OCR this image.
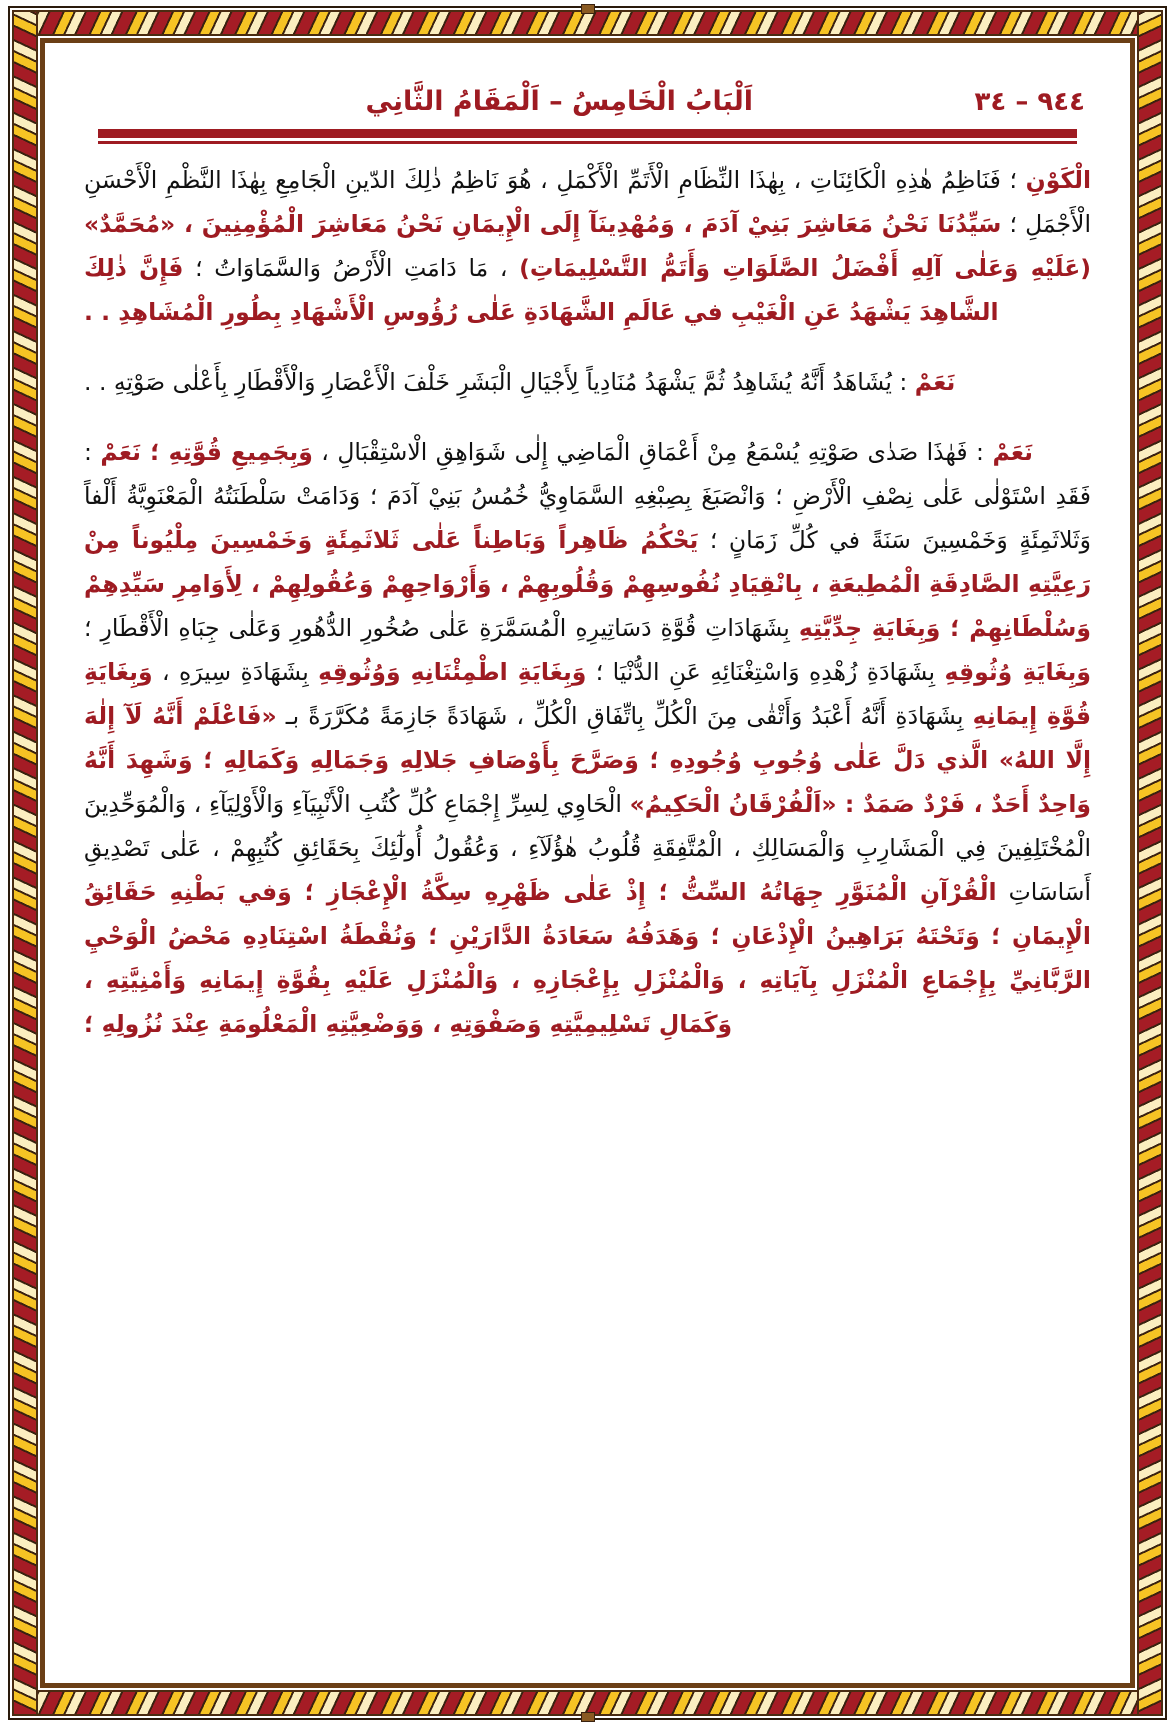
اَلْبَابُ الْخَامِسُ – اَلْمَقَامُ الثَّانِي	٤٤٩ – ٤٣

الْكَوْنِ ؛ فَنَاظِمُ هٰذِهِ الْكَائِنَاتِ ، بِهٰذَا النِّظَامِ الْأَتَمِّ الْأَكْمَلِ ، هُوَ نَاظِمُ ذٰلِكَ الدّينِ الْجَامِعِ بِهٰذَا النَّظْمِ الْأَحْسَنِ الْأَجْمَلِ ؛ سَيِّدُنَا نَحْنُ مَعَاشِرَ بَنِيْ آدَمَ ، وَمُهْدِينَآ إِلَى الْإِيمَانِ نَحْنُ مَعَاشِرَ الْمُؤْمِنِينَ ، «مُحَمَّدٌ» (عَلَيْهِ وَعَلٰى آلِهِ أَفْضَلُ الصَّلَوَاتِ وَأَتَمُّ التَّسْلِيمَاتِ) ، مَا دَامَتِ الْأَرْضُ وَالسَّمَاوَاتُ ؛ فَإِنَّ ذٰلِكَ الشَّاهِدَ يَشْهَدُ عَنِ الْغَيْبِ في عَالَمِ الشَّهَادَةِ عَلٰى رُؤُوسِ الْأَشْهَادِ بِطُورِ الْمُشَاهِدِ . .

نَعَمْ : يُشَاهَدُ أَنَّهُ يُشَاهِدُ ثُمَّ يَشْهَدُ مُنَادِياً لِأَجْيَالِ الْبَشَرِ خَلْفَ الْأَعْصَارِ وَالْأَقْطَارِ بِأَعْلٰى صَوْتِهِ . .

نَعَمْ : فَهٰذَا صَدٰى صَوْتِهِ يُسْمَعُ مِنْ أَعْمَاقِ الْمَاضِي إِلٰى شَوَاهِقِ الْاسْتِقْبَالِ ، وَبِجَمِيعِ قُوَّتِهِ ؛ نَعَمْ : فَقَدِ اسْتَوْلٰى عَلٰى نِصْفِ الْأَرْضِ ؛ وَانْصَبَغَ بِصِبْغِهِ السَّمَاوِيُّ خُمُسُ بَنِيْ آدَمَ ؛ وَدَامَتْ سَلْطَنَتُهُ الْمَعْنَوِيَّةُ أَلْفاً وَثَلاثَمِئَةٍ وَخَمْسِينَ سَنَةً في كُلِّ زَمَانٍ ؛ يَحْكُمُ ظَاهِراً وَبَاطِناً عَلٰى ثَلاثَمِئَةٍ وَخَمْسِينَ مِلْيُوناً مِنْ رَعِيَّتِهِ الصَّادِقَةِ الْمُطِيعَةِ ، بِانْقِيَادِ نُفُوسِهِمْ وَقُلُوبِهِمْ ، وَأَرْوَاحِهِمْ وَعُقُولِهِمْ ، لِأَوَامِرِ سَيِّدِهِمْ وَسُلْطَانِهِمْ ؛ وَبِغَايَةِ جِدِّيَّتِهِ بِشَهَادَاتِ قُوَّةِ دَسَاتِيرِهِ الْمُسَمَّرَةِ عَلٰى صُخُورِ الدُّهُورِ وَعَلٰى جِبَاهِ الْأَقْطَارِ ؛ وَبِغَايَةِ وُثُوقِهِ بِشَهَادَةِ زُهْدِهِ وَاسْتِغْنَائِهِ عَنِ الدُّنْيَا ؛ وَبِغَايَةِ اطْمِئْنَانِهِ وَوُثُوقِهِ بِشَهَادَةِ سِيرَهِ ، وَبِغَايَةِ قُوَّةِ إِيمَانِهِ بِشَهَادَةِ أَنَّهُ أَعْبَدُ وَأَتْقٰى مِنَ الْكُلِّ بِاتِّفَاقِ الْكُلِّ ، شَهَادَةً جَازِمَةً مُكَرَّرَةً بـ «فَاعْلَمْ أَنَّهُ لَآ إِلٰهَ إِلَّا اللهُ» الَّذي دَلَّ عَلٰى وُجُوبِ وُجُودِهِ ؛ وَصَرَّحَ بِأَوْصَافِ جَلالِهِ وَجَمَالِهِ وَكَمَالِهِ ؛ وَشَهِدَ أَنَّهُ وَاحِدٌ أَحَدٌ ، فَرْدٌ صَمَدٌ : «اَلْفُرْقَانُ الْحَكِيمُ» الْحَاوِي لِسِرِّ إِجْمَاعِ كُلِّ كُتُبِ الْأَنْبِيَآءِ وَالْأَوْلِيَآءِ ، وَالْمُوَحِّدِينَ الْمُخْتَلِفِينَ فِي الْمَشَارِبِ وَالْمَسَالِكِ ، الْمُتَّفِقَةِ قُلُوبُ هٰؤُلَآءِ ، وَعُقُولُ أُولٰٓئِكَ بِحَقَائِقِ كُتُبِهِمْ ، عَلٰى تَصْدِيقِ أَسَاسَاتِ الْقُرْآنِ الْمُنَوَّرِ جِهَاتُهُ السِّتُّ ؛ إِذْ عَلٰى ظَهْرِهِ سِكَّةُ الْإِعْجَازِ ؛ وَفي بَطْنِهِ حَقَائِقُ الْإِيمَانِ ؛ وَتَحْتَهُ بَرَاهِينُ الْإِذْعَانِ ؛ وَهَدَفُهُ سَعَادَةُ الدَّارَيْنِ ؛ وَنُقْطَةُ اسْتِنَادِهِ مَحْضُ الْوَحْيِ الرَّبَّانِيِّ بِإِجْمَاعِ الْمُنْزَلِ بِآيَاتِهِ ، وَالْمُنْزَلِ بِإِعْجَازِهِ ، وَالْمُنْزَلِ عَلَيْهِ بِقُوَّةِ إِيمَانِهِ وَأَمْنِيَّتِهِ ، وَكَمَالِ تَسْلِيمِيَّتِهِ وَصَفْوَتِهِ ، وَوَضْعِيَّتِهِ الْمَعْلُومَةِ عِنْدَ نُزُولِهِ ؛
